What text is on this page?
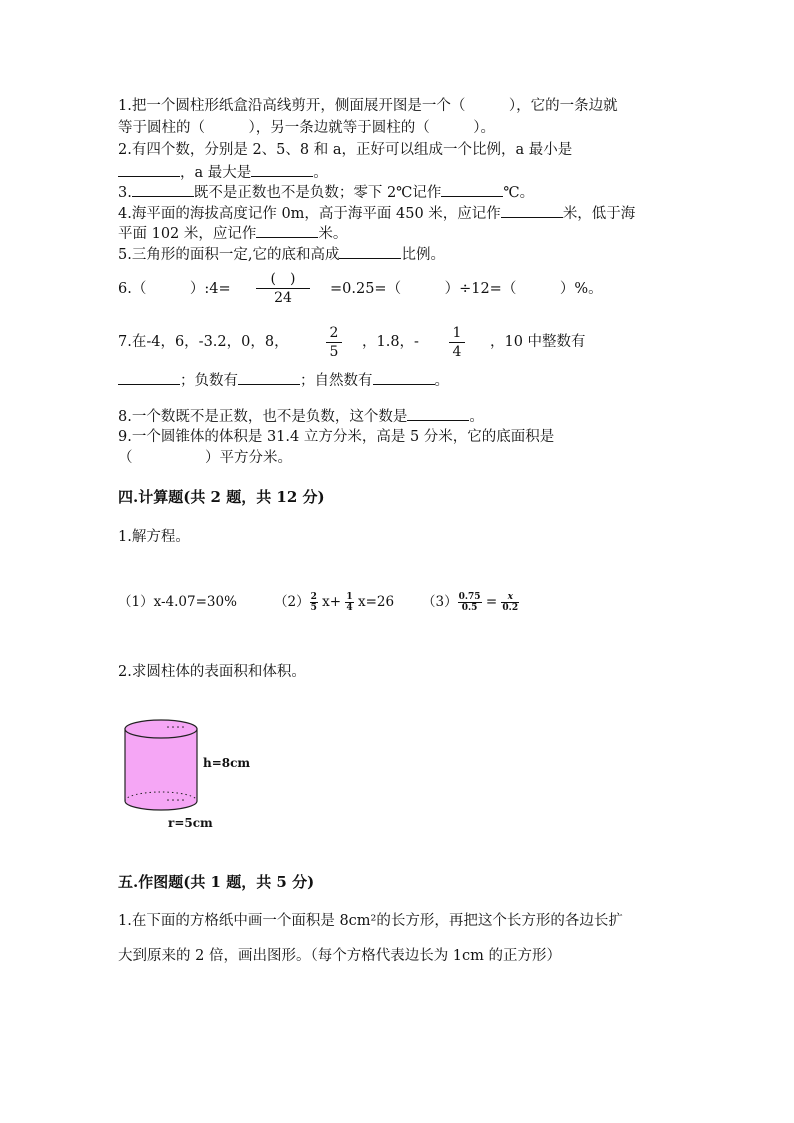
1.把一个圆柱形纸盒沿高线剪开，侧面展开图是一个（　　　），它的一条边就
等于圆柱的（　　　），另一条边就等于圆柱的（　　　）。
2.有四个数，分别是 2、5、8 和 a，正好可以组成一个比例，a 最小是
，a 最大是	。
3.	既不是正数也不是负数；零下 2℃记作	℃。
4.海平面的海拔高度记作 0m，高于海平面 450 米，应记作	米，低于海
平面 102 米，应记作	米。
5.三角形的面积一定,它的底和高成	比例。
6.（　　　）:4=
(　)
24
=0.25=（　　　）÷12=（　　　）%。
7.在-4，6，-3.2，0，8，	$\frac{2}{5}$ ，1.8，- $\frac{1}{4}$ ，10 中整数有
；负数有	；自然数有	。
8.一个数既不是正数，也不是负数，这个数是	。
9.一个圆锥体的体积是 31.4 立方分米，高是 5 分米，它的底面积是
（　　　　　）平方分米。
四.计算题(共 2 题，共 12 分)
1.解方程。
（1）x-4.07=30%	$(2) \frac{2}{5} x+ \frac{1}{4} x=26$ $(3) \frac{0.75}{0.5} = \frac{x}{0.2}$
2.求圆柱体的表面积和体积。
h=8cm
r=5cm
五.作图题(共 1 题，共 5 分)
1.在下面的方格纸中画一个面积是 8cm²的长方形，再把这个长方形的各边长扩
大到原来的 2 倍，画出图形。（每个方格代表边长为 1cm 的正方形）
